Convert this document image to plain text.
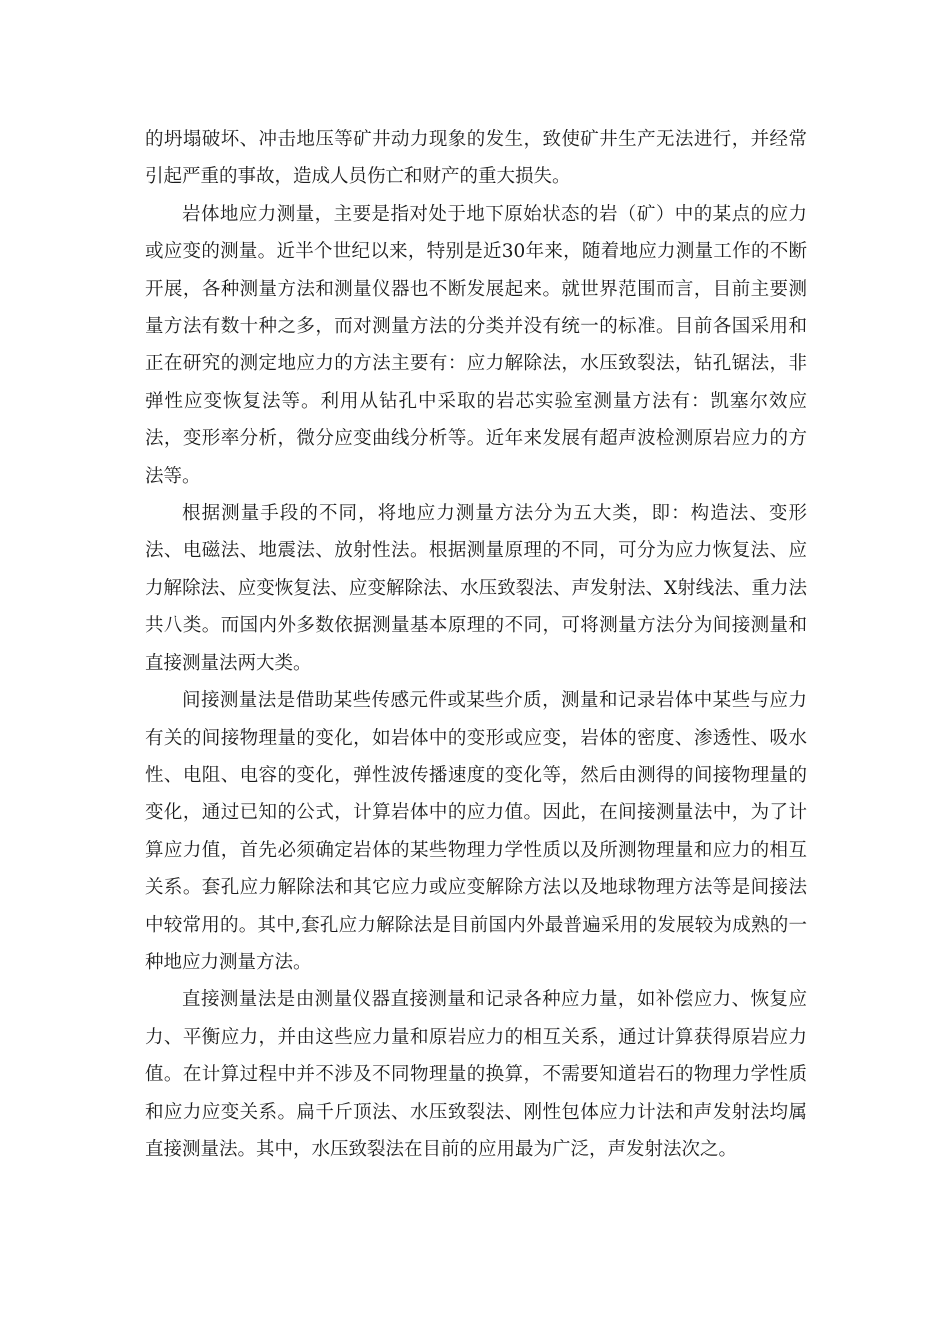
的坍塌破坏、冲击地压等矿井动力现象的发生，致使矿井生产无法进行，并经常引起严重的事故，造成人员伤亡和财产的重大损失。

岩体地应力测量，主要是指对处于地下原始状态的岩（矿）中的某点的应力或应变的测量。近半个世纪以来，特别是近30年来，随着地应力测量工作的不断开展，各种测量方法和测量仪器也不断发展起来。就世界范围而言，目前主要测量方法有数十种之多，而对测量方法的分类并没有统一的标准。目前各国采用和正在研究的测定地应力的方法主要有：应力解除法，水压致裂法，钻孔锯法，非弹性应变恢复法等。利用从钻孔中采取的岩芯实验室测量方法有：凯塞尔效应法，变形率分析，微分应变曲线分析等。近年来发展有超声波检测原岩应力的方法等。

根据测量手段的不同，将地应力测量方法分为五大类，即：构造法、变形法、电磁法、地震法、放射性法。根据测量原理的不同，可分为应力恢复法、应力解除法、应变恢复法、应变解除法、水压致裂法、声发射法、X射线法、重力法共八类。而国内外多数依据测量基本原理的不同，可将测量方法分为间接测量和直接测量法两大类。

间接测量法是借助某些传感元件或某些介质，测量和记录岩体中某些与应力有关的间接物理量的变化，如岩体中的变形或应变，岩体的密度、渗透性、吸水性、电阻、电容的变化，弹性波传播速度的变化等，然后由测得的间接物理量的变化，通过已知的公式，计算岩体中的应力值。因此，在间接测量法中，为了计算应力值，首先必须确定岩体的某些物理力学性质以及所测物理量和应力的相互关系。套孔应力解除法和其它应力或应变解除方法以及地球物理方法等是间接法中较常用的。其中,套孔应力解除法是目前国内外最普遍采用的发展较为成熟的一种地应力测量方法。

直接测量法是由测量仪器直接测量和记录各种应力量，如补偿应力、恢复应力、平衡应力，并由这些应力量和原岩应力的相互关系，通过计算获得原岩应力值。在计算过程中并不涉及不同物理量的换算，不需要知道岩石的物理力学性质和应力应变关系。扁千斤顶法、水压致裂法、刚性包体应力计法和声发射法均属直接测量法。其中，水压致裂法在目前的应用最为广泛，声发射法次之。
